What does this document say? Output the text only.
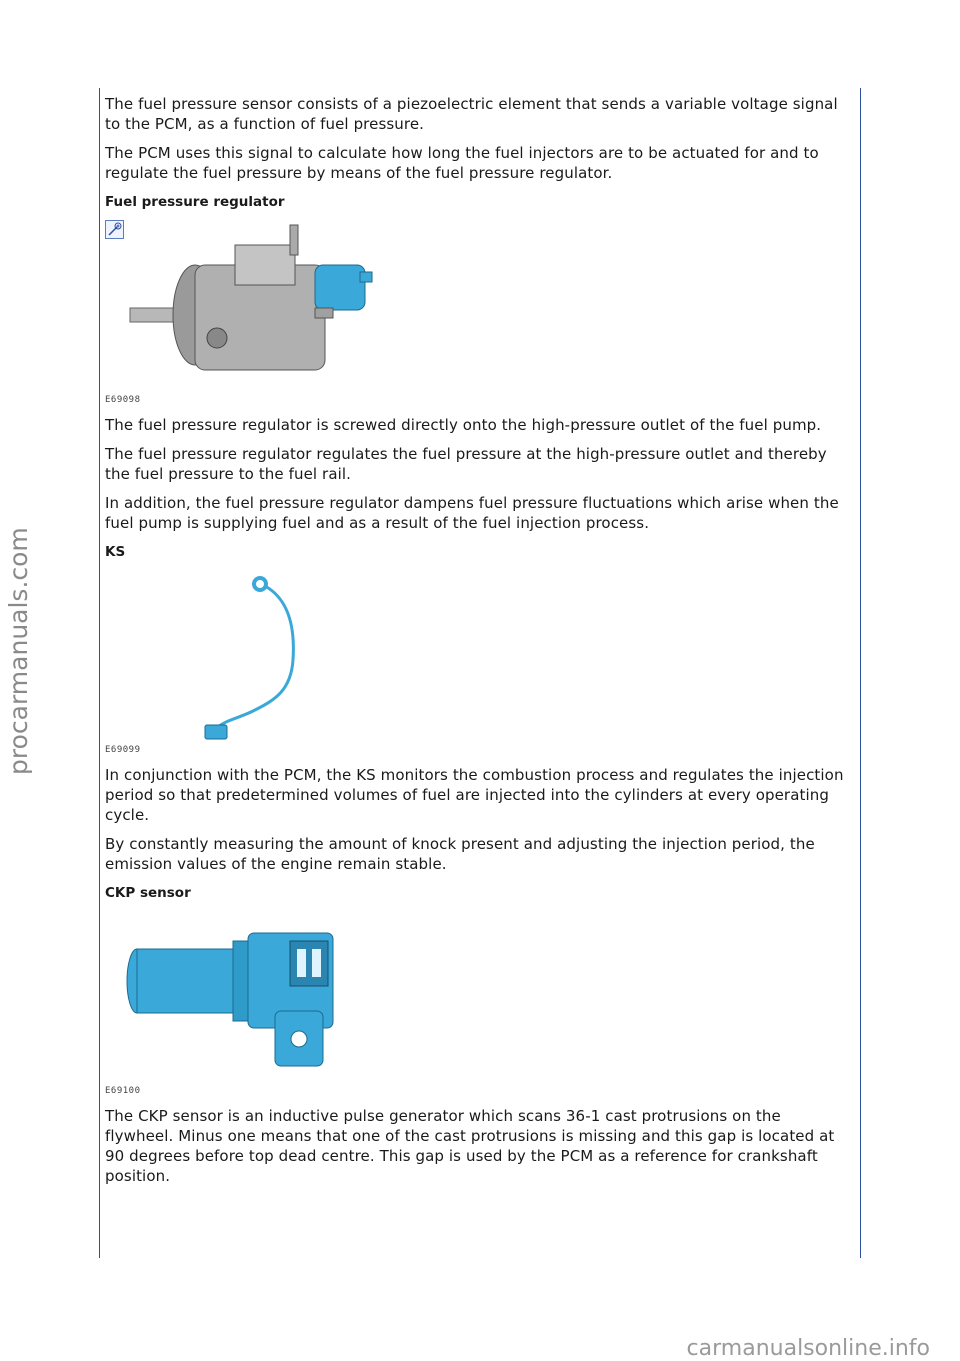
The fuel pressure sensor consists of a piezoelectric element that sends a variable voltage signal to the PCM, as a function of fuel pressure.

The PCM uses this signal to calculate how long the fuel injectors are to be actuated for and to regulate the fuel pressure by means of the fuel pressure regulator.

Fuel pressure regulator
E69098

The fuel pressure regulator is screwed directly onto the high-pressure outlet of the fuel pump.

The fuel pressure regulator regulates the fuel pressure at the high-pressure outlet and thereby the fuel pressure to the fuel rail.

In addition, the fuel pressure regulator dampens fuel pressure fluctuations which arise when the fuel pump is supplying fuel and as a result of the fuel injection process.

KS
E69099

In conjunction with the PCM, the KS monitors the combustion process and regulates the injection period so that predetermined volumes of fuel are injected into the cylinders at every operating cycle.

By constantly measuring the amount of knock present and adjusting the injection period, the emission values of the engine remain stable.

CKP sensor
E69100

The CKP sensor is an inductive pulse generator which scans 36-1 cast protrusions on the flywheel. Minus one means that one of the cast protrusions is missing and this gap is located at 90 degrees before top dead centre. This gap is used by the PCM as a reference for crankshaft position.

procarmanuals.com
carmanualsonline.info
